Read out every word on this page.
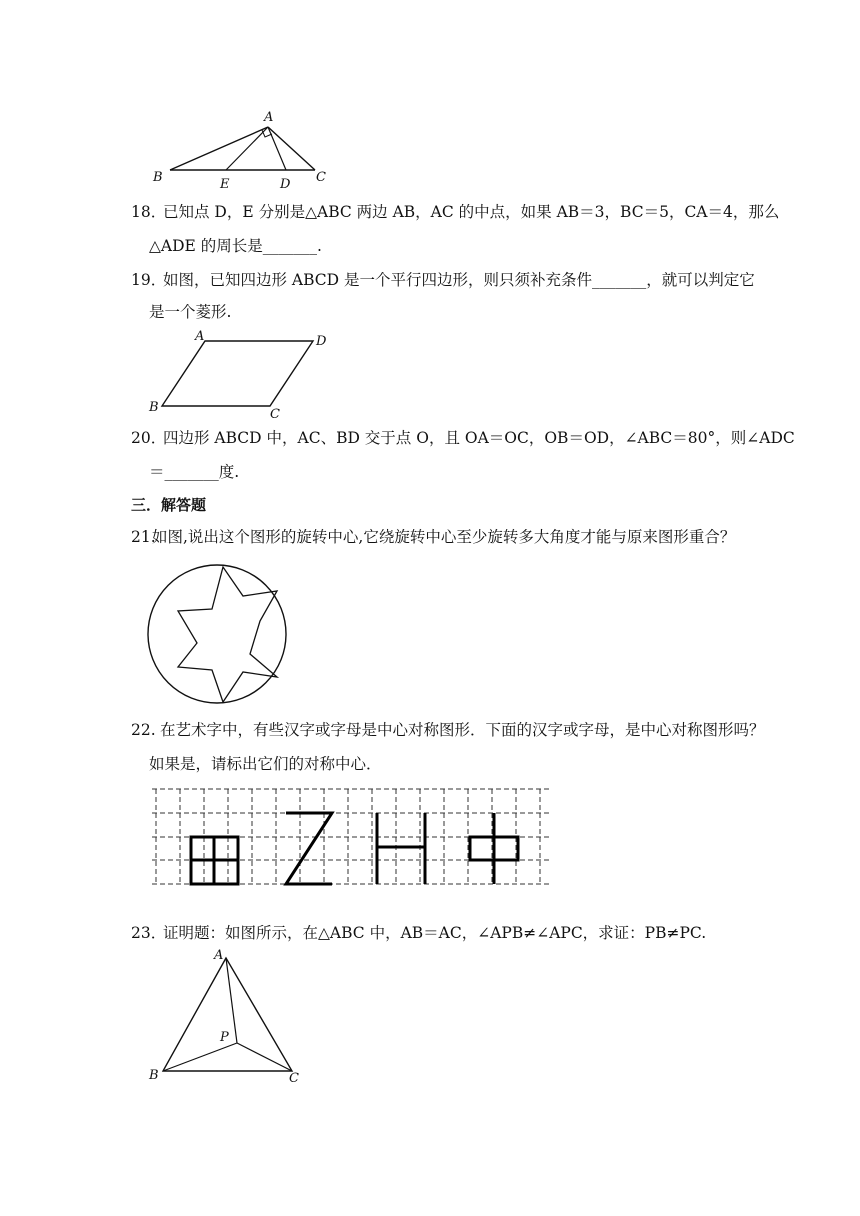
A
B	E	D C
18．
已知点 D，E 分别是△ABC 两边 AB，AC 的中点，如果 AB＝3，BC＝5，CA＝4，那么
△ADE 的周长是_______.
19．
如图，已知四边形 ABCD 是一个平行四边形，则只须补充条件_______，就可以判定它
是一个菱形.
A	D
B	C
20．
四边形 ABCD 中，AC、BD 交于点 O，且 OA＝OC，OB＝OD，∠ABC＝80°，则∠ADC
＝_______度.
三．解答题
21.
如图,说出这个图形的旋转中心,它绕旋转中心至少旋转多大角度才能与原来图形重合？
22. 在艺术字中，有些汉字或字母是中心对称图形．下面的汉字或字母，是中心对称图形吗？
如果是，请标出它们的对称中心．
23．
证明题：如图所示，在△ABC 中，AB＝AC，∠APB≠∠APC，求证：PB≠PC.
A
P
B	C
